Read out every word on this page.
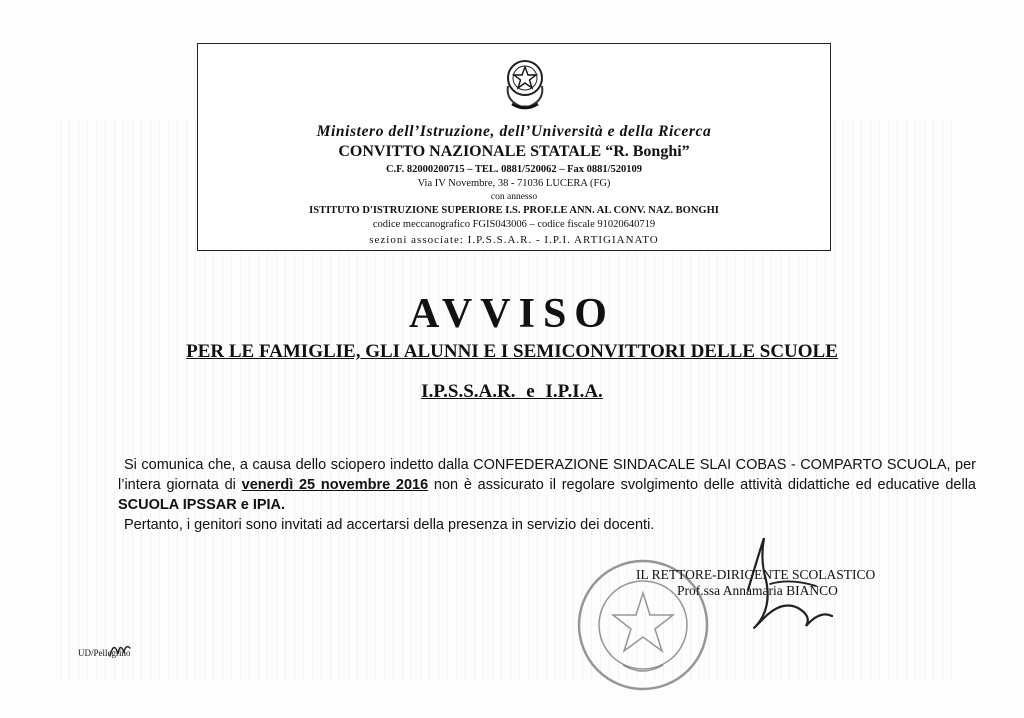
Ministero dell’Istruzione, dell’Università e della Ricerca
CONVITTO NAZIONALE STATALE “R. Bonghi”
C.F. 82000200715 – TEL. 0881/520062 – Fax 0881/520109
Via IV Novembre, 38 - 71036 LUCERA (FG)
con annesso
ISTITUTO D'ISTRUZIONE SUPERIORE I.S. PROF.LE ANN. AL CONV. NAZ. BONGHI
codice meccanografico FGIS043006 – codice fiscale 91020640719
sezioni associate: I.P.S.S.A.R. - I.P.I. ARTIGIANATO
AVVISO
PER LE FAMIGLIE, GLI ALUNNI E I SEMICONVITTORI DELLE SCUOLE
I.P.S.S.A.R. e I.P.I.A.

Si comunica che, a causa dello sciopero indetto dalla CONFEDERAZIONE SINDACALE SLAI COBAS - COMPARTO SCUOLA, per l’intera giornata di venerdì 25 novembre 2016 non è assicurato il regolare svolgimento delle attività didattiche ed educative della SCUOLA IPSSAR e IPIA.

Pertanto, i genitori sono invitati ad accertarsi della presenza in servizio dei docenti.

IL RETTORE-DIRIGENTE SCOLASTICO
Prof.ssa Annamaria BIANCO
UD/Pellegrino
